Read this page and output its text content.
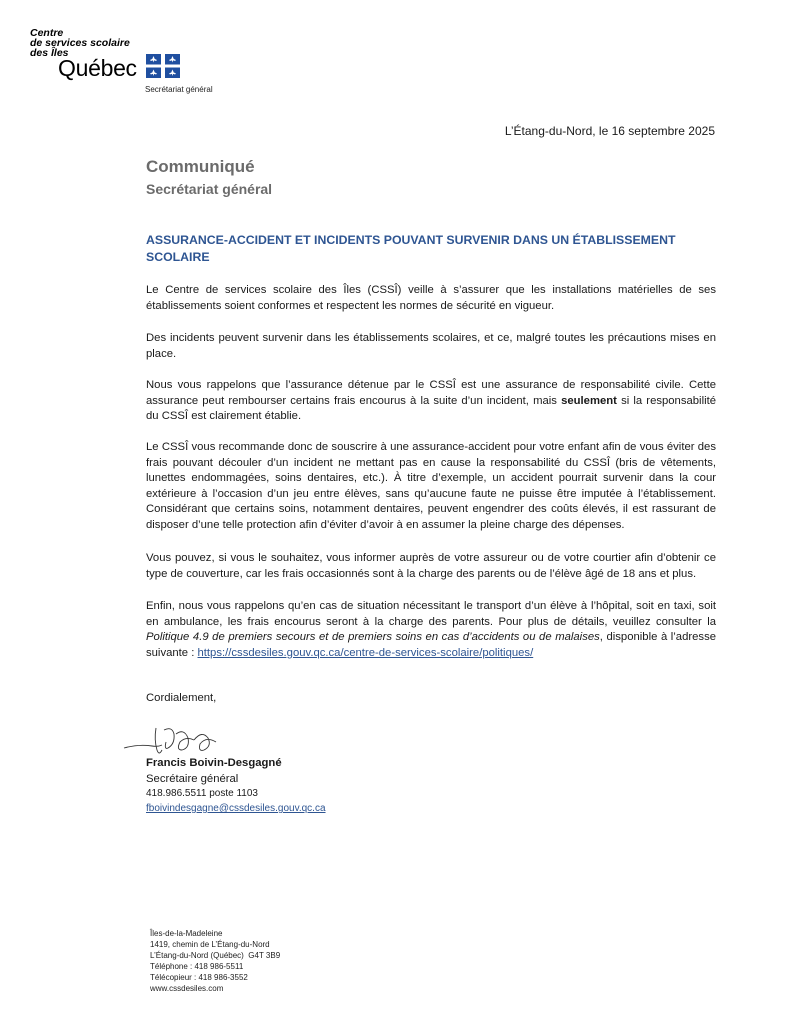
Centre
de services scolaire
des Îles
Québec
Secrétariat général
L’Étang-du-Nord, le 16 septembre 2025
Communiqué
Secrétariat général
ASSURANCE-ACCIDENT ET INCIDENTS POUVANT SURVENIR DANS UN ÉTABLISSEMENT SCOLAIRE

Le Centre de services scolaire des Îles (CSSÎ) veille à s’assurer que les installations matérielles de ses établissements soient conformes et respectent les normes de sécurité en vigueur.

Des incidents peuvent survenir dans les établissements scolaires, et ce, malgré toutes les précautions mises en place.

Nous vous rappelons que l’assurance détenue par le CSSÎ est une assurance de responsabilité civile. Cette assurance peut rembourser certains frais encourus à la suite d’un incident, mais seulement si la responsabilité du CSSÎ est clairement établie.

Le CSSÎ vous recommande donc de souscrire à une assurance-accident pour votre enfant afin de vous éviter des frais pouvant découler d’un incident ne mettant pas en cause la responsabilité du CSSÎ (bris de vêtements, lunettes endommagées, soins dentaires, etc.). À titre d’exemple, un accident pourrait survenir dans la cour extérieure à l’occasion d’un jeu entre élèves, sans qu’aucune faute ne puisse être imputée à l’établissement. Considérant que certains soins, notamment dentaires, peuvent engendrer des coûts élevés, il est rassurant de disposer d’une telle protection afin d’éviter d’avoir à en assumer la pleine charge des dépenses.

Vous pouvez, si vous le souhaitez, vous informer auprès de votre assureur ou de votre courtier afin d’obtenir ce type de couverture, car les frais occasionnés sont à la charge des parents ou de l’élève âgé de 18 ans et plus.

Enfin, nous vous rappelons qu’en cas de situation nécessitant le transport d’un élève à l’hôpital, soit en taxi, soit en ambulance, les frais encourus seront à la charge des parents. Pour plus de détails, veuillez consulter la Politique 4.9 de premiers secours et de premiers soins en cas d’accidents ou de malaises, disponible à l’adresse suivante : https://cssdesiles.gouv.qc.ca/centre-de-services-scolaire/politiques/

Cordialement,
Francis Boivin-Desgagné
Secrétaire général
418.986.5511 poste 1103
fboivindesgagne@cssdesiles.gouv.qc.ca
Îles-de-la-Madeleine
1419, chemin de L’Étang-du-Nord
L’Étang-du-Nord (Québec)  G4T 3B9
Téléphone : 418 986-5511
Télécopieur : 418 986-3552
www.cssdesiles.com
